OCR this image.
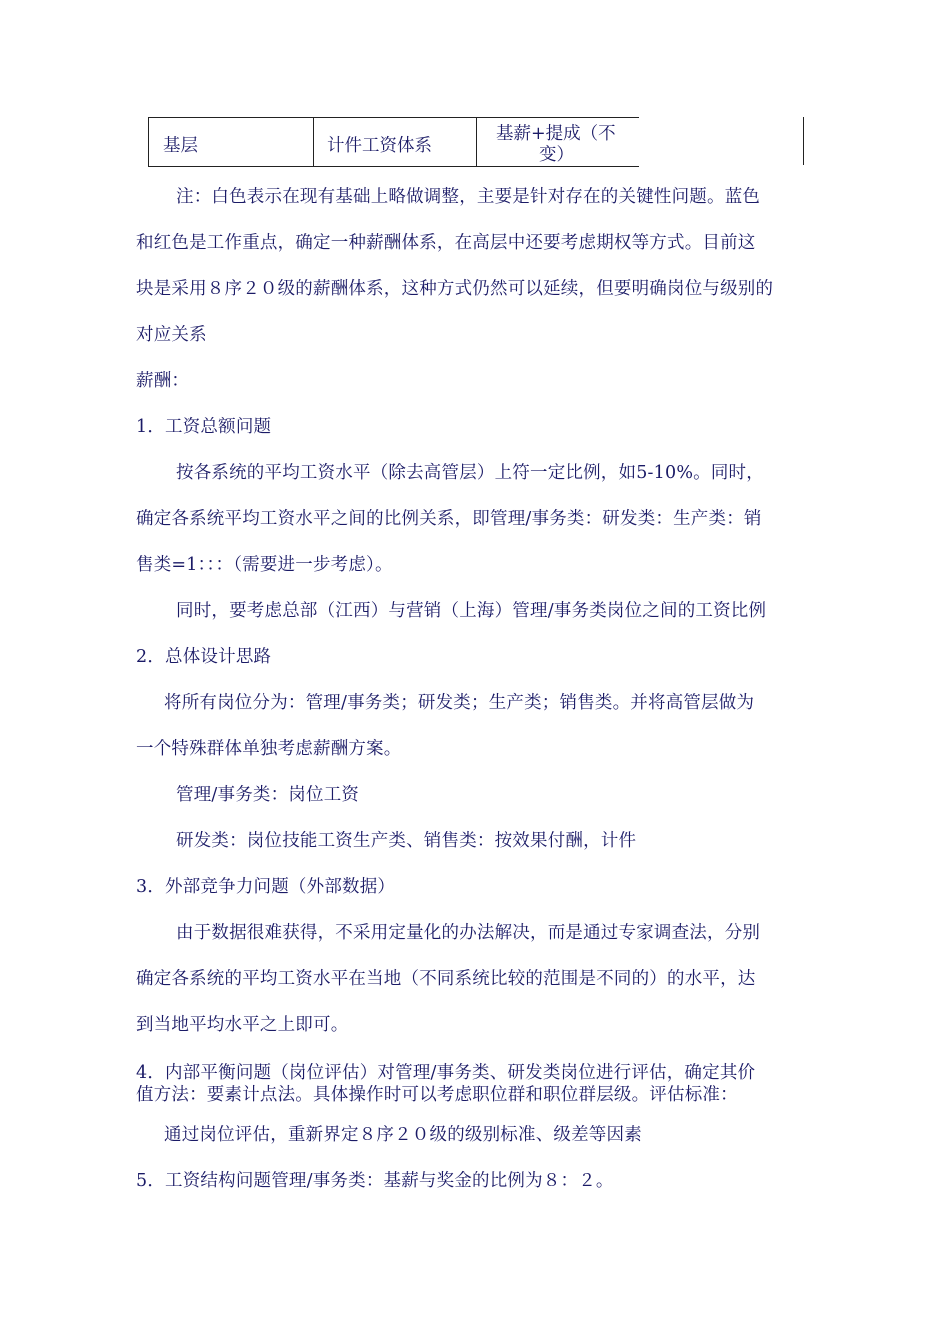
基层	计件工资体系
基薪+提成（不
变）
注：白色表示在现有基础上略做调整，主要是针对存在的关键性问题。蓝色
和红色是工作重点，确定一种薪酬体系，在高层中还要考虑期权等方式。目前这
块是采用８序２０级的薪酬体系，这种方式仍然可以延续，但要明确岗位与级别的
对应关系
薪酬：
1．工资总额问题
按各系统的平均工资水平（除去高管层）上符一定比例，如5-10%。同时，
确定各系统平均工资水平之间的比例关系，即管理/事务类：研发类：生产类：销
售类=1：：：（需要进一步考虑）。
同时，要考虑总部（江西）与营销（上海）管理/事务类岗位之间的工资比例
2．总体设计思路
将所有岗位分为：管理/事务类；研发类；生产类；销售类。并将高管层做为
一个特殊群体单独考虑薪酬方案。
管理/事务类：岗位工资
研发类：岗位技能工资生产类、销售类：按效果付酬，计件
3．外部竞争力问题（外部数据）
由于数据很难获得，不采用定量化的办法解决，而是通过专家调查法，分别
确定各系统的平均工资水平在当地（不同系统比较的范围是不同的）的水平，达
到当地平均水平之上即可。
4．内部平衡问题（岗位评估）对管理/事务类、研发类岗位进行评估，确定其价
值方法：要素计点法。具体操作时可以考虑职位群和职位群层级。评估标准：
通过岗位评估，重新界定８序２０级的级别标准、级差等因素
5．工资结构问题管理/事务类：基薪与奖金的比例为８：２。
